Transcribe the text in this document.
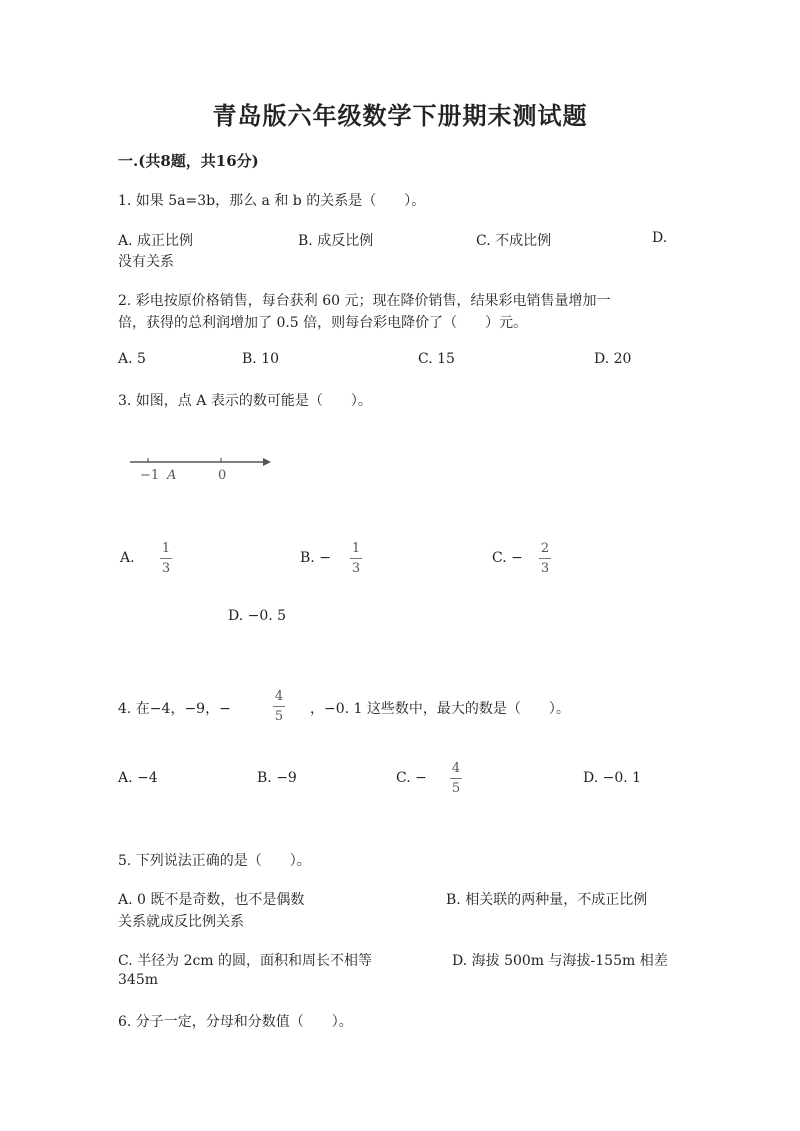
青岛版六年级数学下册期末测试题
一.(共8题，共16分)
1. 如果 5a=3b，那么 a 和 b 的关系是（　　）。
A. 成正比例	B. 成反比例	C. 不成比例	D.
没有关系
2. 彩电按原价格销售，每台获利 60 元；现在降价销售，结果彩电销售量增加一
倍，获得的总利润增加了 0.5 倍，则每台彩电降价了（　　）元。
A. 5	B. 10	C. 15	D. 20
3. 如图，点 A 表示的数可能是（　　）。
−1 A	0
A.
1
3
B. −
1
3
C. −
2
3
D. −0. 5
4. 在−4，−9，−
4
5 ，−0. 1 这些数中，最大的数是（　　）。
A. −4	B. −9	C. −
4
5
D. −0. 1
5. 下列说法正确的是（　　）。
A. 0 既不是奇数，也不是偶数	B. 相关联的两种量，不成正比例
关系就成反比例关系
C. 半径为 2cm 的圆，面积和周长不相等	D. 海拔 500m 与海拔-155m 相差
345m
6. 分子一定，分母和分数值（　　）。
